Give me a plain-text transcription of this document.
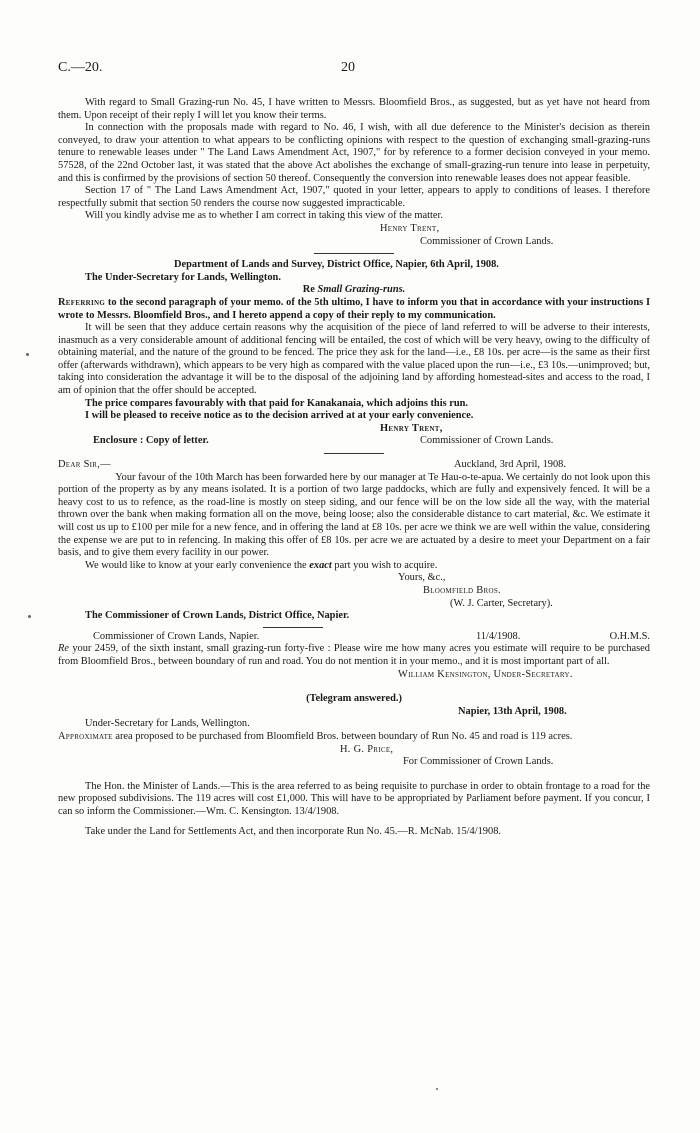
C.—20.	20

With regard to Small Grazing-run No. 45, I have written to Messrs. Bloomfield Bros., as suggested, but as yet have not heard from them. Upon receipt of their reply I will let you know their terms.

In connection with the proposals made with regard to No. 46, I wish, with all due deference to the Minister's decision as therein conveyed, to draw your attention to what appears to be conflicting opinions with respect to the question of exchanging small-grazing-runs tenure to renewable leases under " The Land Laws Amendment Act, 1907," for by reference to a former decision conveyed in your memo. 57528, of the 22nd October last, it was stated that the above Act abolishes the exchange of small-grazing-run tenure into lease in perpetuity, and this is confirmed by the provisions of section 50 thereof. Consequently the conversion into renewable leases does not appear feasible.

Section 17 of " The Land Laws Amendment Act, 1907," quoted in your letter, appears to apply to conditions of leases. I therefore respectfully submit that section 50 renders the course now suggested impracticable.

Will you kindly advise me as to whether I am correct in taking this view of the matter.

Henry Trent,

Commissioner of Crown Lands.

Department of Lands and Survey, District Office, Napier, 6th April, 1908.

The Under-Secretary for Lands, Wellington.

Re Small Grazing-runs.

Referring to the second paragraph of your memo. of the 5th ultimo, I have to inform you that in accordance with your instructions I wrote to Messrs. Bloomfield Bros., and I hereto append a copy of their reply to my communication.

It will be seen that they adduce certain reasons why the acquisition of the piece of land referred to will be adverse to their interests, inasmuch as a very considerable amount of additional fencing will be entailed, the cost of which will be very heavy, owing to the difficulty of obtaining material, and the nature of the ground to be fenced. The price they ask for the land—i.e., £8 10s. per acre—is the same as their first offer (afterwards withdrawn), which appears to be very high as compared with the value placed upon the run—i.e., £3 10s.—unimproved; but, taking into consideration the advantage it will be to the disposal of the adjoining land by affording homestead-sites and access to the road, I am of opinion that the offer should be accepted.

The price compares favourably with that paid for Kanakanaia, which adjoins this run.

I will be pleased to receive notice as to the decision arrived at at your early convenience.

Henry Trent,

Enclosure : Copy of letter.	Commissioner of Crown Lands.
Dear Sir,—	Auckland, 3rd April, 1908.

Your favour of the 10th March has been forwarded here by our manager at Te Hau-o-te-apua. We certainly do not look upon this portion of the property as by any means isolated. It is a portion of two large paddocks, which are fully and expensively fenced. It will be a heavy cost to us to refence, as the road-line is mostly on steep siding, and our fence will be on the low side all the way, with the material thrown over the bank when making formation all on the move, being loose; also the considerable distance to cart material, &c. We estimate it will cost us up to £100 per mile for a new fence, and in offering the land at £8 10s. per acre we think we are well within the value, considering the expense we are put to in refencing. In making this offer of £8 10s. per acre we are actuated by a desire to meet your Department on a fair basis, and to give them every facility in our power.

We would like to know at your early convenience the exact part you wish to acquire.

Yours, &c.,

Bloomfield Bros.

(W. J. Carter, Secretary).

The Commissioner of Crown Lands, District Office, Napier.

Commissioner of Crown Lands, Napier.	11/4/1908.	O.H.M.S.

Re your 2459, of the sixth instant, small grazing-run forty-five : Please wire me how many acres you estimate will require to be purchased from Bloomfield Bros., between boundary of run and road. You do not mention it in your memo., and it is most important part of all.

William Kensington, Under-Secretary.

(Telegram answered.)

Napier, 13th April, 1908.

Under-Secretary for Lands, Wellington.

Approximate area proposed to be purchased from Bloomfield Bros. between boundary of Run No. 45 and road is 119 acres.

H. G. Price,

For Commissioner of Crown Lands.

The Hon. the Minister of Lands.—This is the area referred to as being requisite to purchase in order to obtain frontage to a road for the new proposed subdivisions. The 119 acres will cost £1,000. This will have to be appropriated by Parliament before payment. If you concur, I can so inform the Commissioner.—Wm. C. Kensington. 13/4/1908.

Take under the Land for Settlements Act, and then incorporate Run No. 45.—R. McNab. 15/4/1908.
